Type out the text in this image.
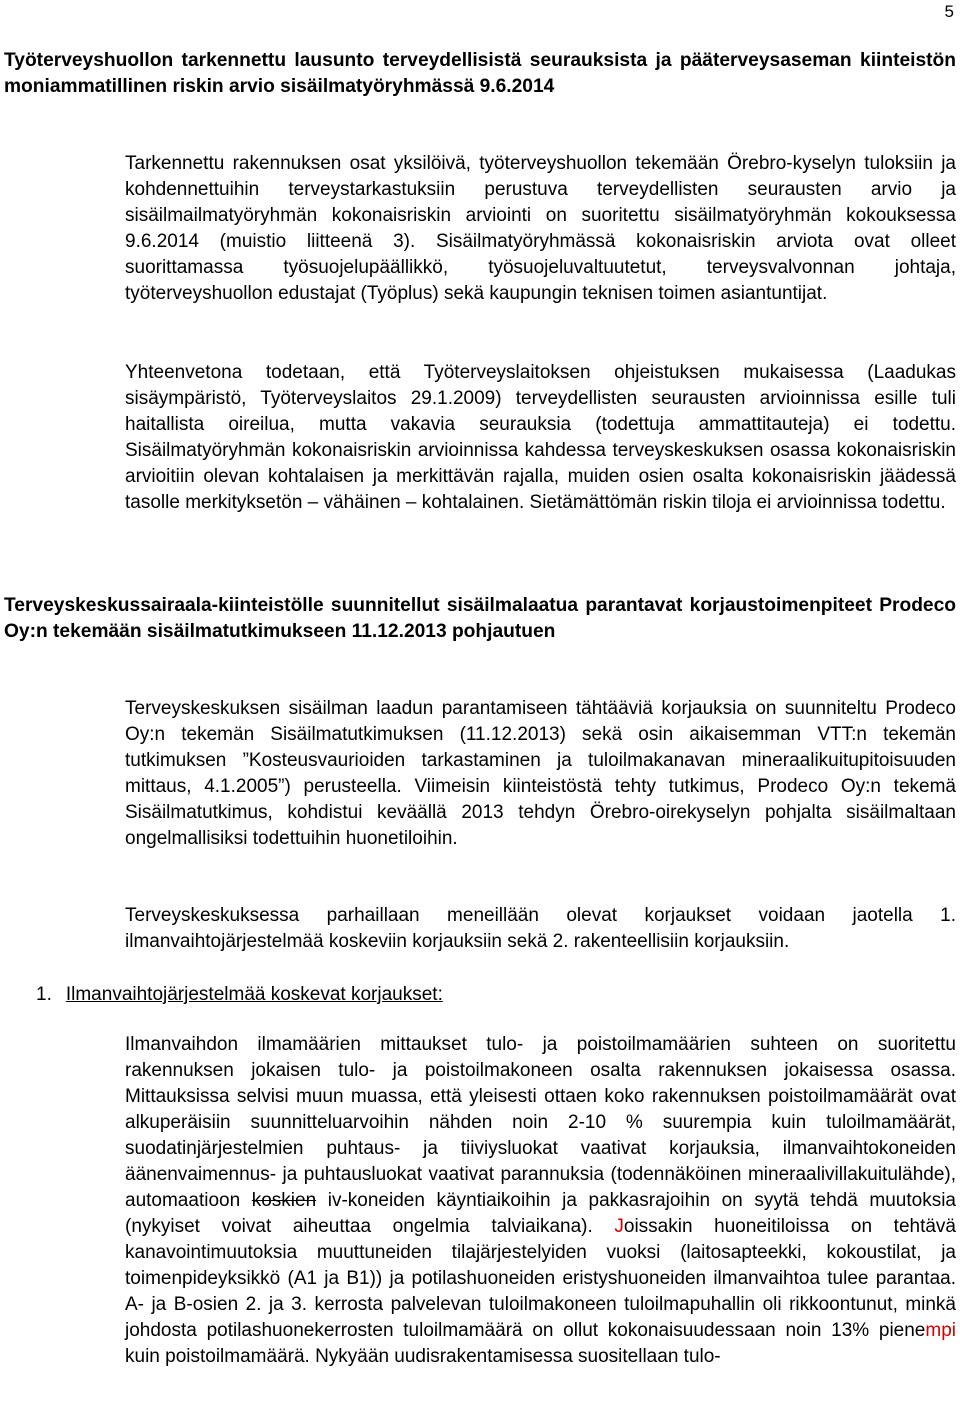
5
Työterveyshuollon tarkennettu lausunto terveydellisistä seurauksista ja pääterveysaseman kiinteistön moniammatillinen riskin arvio sisäilmatyöryhmässä 9.6.2014
Tarkennettu rakennuksen osat yksilöivä, työterveyshuollon tekemään Örebro-kyselyn tuloksiin ja kohdennettuihin terveystarkastuksiin perustuva terveydellisten seurausten arvio ja sisäilmailmatyöryhmän kokonaisriskin arviointi on suoritettu sisäilmatyöryhmän kokouksessa 9.6.2014 (muistio liitteenä 3). Sisäilmatyöryhmässä kokonaisriskin arviota ovat olleet suorittamassa työsuojelupäällikkö, työsuojeluvaltuutetut, terveysvalvonnan johtaja, työterveyshuollon edustajat (Työplus) sekä kaupungin teknisen toimen asiantuntijat.
Yhteenvetona todetaan, että Työterveyslaitoksen ohjeistuksen mukaisessa (Laadukas sisäympäristö, Työterveyslaitos 29.1.2009) terveydellisten seurausten arvioinnissa esille tuli haitallista oireilua, mutta vakavia seurauksia (todettuja ammattitauteja) ei todettu. Sisäilmatyöryhmän kokonaisriskin arvioinnissa kahdessa terveyskeskuksen osassa kokonaisriskin arvioitiin olevan kohtalaisen ja merkittävän rajalla, muiden osien osalta kokonaisriskin jäädessä tasolle merkityksetön – vähäinen – kohtalainen. Sietämättömän riskin tiloja ei arvioinnissa todettu.
Terveyskeskussairaala-kiinteistölle suunnitellut sisäilmalaatua parantavat korjaustoimenpiteet Prodeco Oy:n tekemään sisäilmatutkimukseen 11.12.2013 pohjautuen
Terveyskeskuksen sisäilman laadun parantamiseen tähtääviä korjauksia on suunniteltu Prodeco Oy:n tekemän Sisäilmatutkimuksen (11.12.2013) sekä osin aikaisemman VTT:n tekemän tutkimuksen ”Kosteusvaurioiden tarkastaminen ja tuloilmakanavan mineraalikuitupitoisuuden mittaus, 4.1.2005”) perusteella. Viimeisin kiinteistöstä tehty tutkimus, Prodeco Oy:n tekemä Sisäilmatutkimus, kohdistui keväällä 2013 tehdyn Örebro-oirekyselyn pohjalta sisäilmaltaan ongelmallisiksi todettuihin huonetiloihin.
Terveyskeskuksessa parhaillaan meneillään olevat korjaukset voidaan jaotella 1. ilmanvaihtojärjestelmää koskeviin korjauksiin sekä 2. rakenteellisiin korjauksiin.
1. Ilmanvaihtojärjestelmää koskevat korjaukset:
Ilmanvaihdon ilmamäärien mittaukset tulo- ja poistoilmamäärien suhteen on suoritettu rakennuksen jokaisen tulo- ja poistoilmakoneen osalta rakennuksen jokaisessa osassa. Mittauksissa selvisi muun muassa, että yleisesti ottaen koko rakennuksen poistoilmamäärät ovat alkuperäisiin suunnitteluarvoihin nähden noin 2-10 % suurempia kuin tuloilmamäärät, suodatinjärjestelmien puhtaus- ja tiiviysluokat vaativat korjauksia, ilmanvaihtokoneiden äänenvaimennus- ja puhtausluokat vaativat parannuksia (todennäköinen mineraalivillakuitulähde), automaatioon koskien iv-koneiden käyntiaikoihin ja pakkasrajoihin on syytä tehdä muutoksia (nykyiset voivat aiheuttaa ongelmia talviaikana). Joissakin huoneitiloissa on tehtävä kanavointimuutoksia muuttuneiden tilajärjestelyiden vuoksi (laitosapteekki, kokoustilat, ja toimenpideyksikkö (A1 ja B1)) ja potilashuoneiden eristyshuoneiden ilmanvaihtoa tulee parantaa. A- ja B-osien 2. ja 3. kerrosta palvelevan tuloilmakoneen tuloilmapuhallin oli rikkoontunut, minkä johdosta potilashuonekerrosten tuloilmamäärä on ollut kokonaisuudessaan noin 13% pienempi kuin poistoilmamäärä. Nykyään uudisrakentamisessa suositellaan tulo-
